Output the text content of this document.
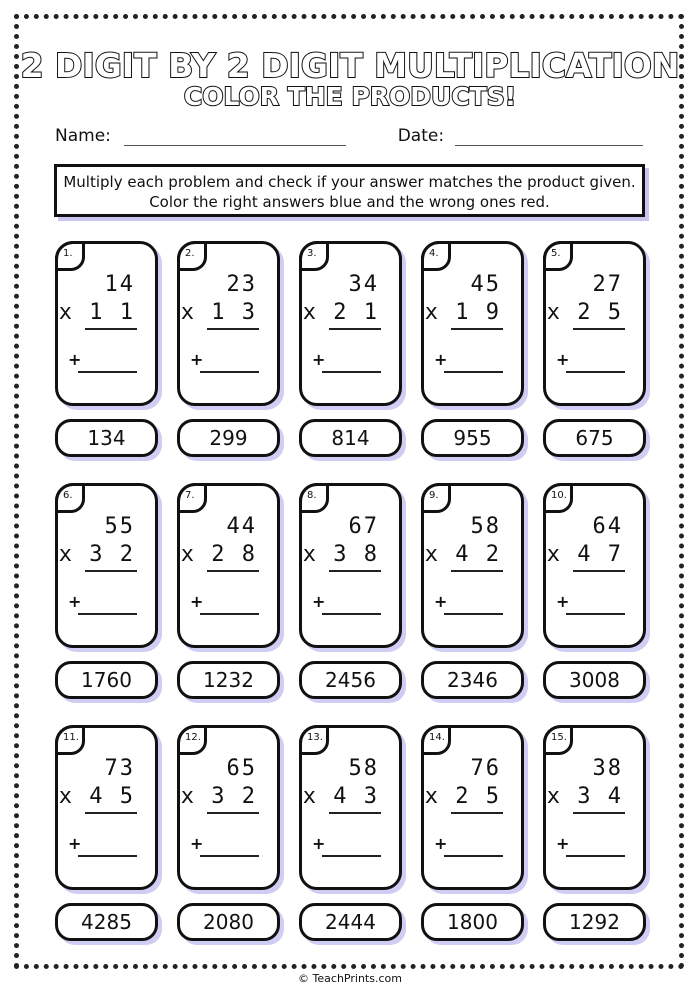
2 DIGIT BY 2 DIGIT MULTIPLICATION
COLOR THE PRODUCTS!
Name:	Date:
Multiply each problem and check if your answer matches the product given. Color the right answers blue and the wrong ones red.
1.
14
x 1 1
+
134
2.
23
x 1 3
+
299
3.
34
x 2 1
+
814
4.
45
x 1 9
+
955
5.
27
x 2 5
+
675
6.
55
x 3 2
+
1760
7.
44
x 2 8
+
1232
8.
67
x 3 8
+
2456
9.
58
x 4 2
+
2346
10.
64
x 4 7
+
3008
11.
73
x 4 5
+
4285
12.
65
x 3 2
+
2080
13.
58
x 4 3
+
2444
14.
76
x 2 5
+
1800
15.
38
x 3 4
+
1292
© TeachPrints.com
